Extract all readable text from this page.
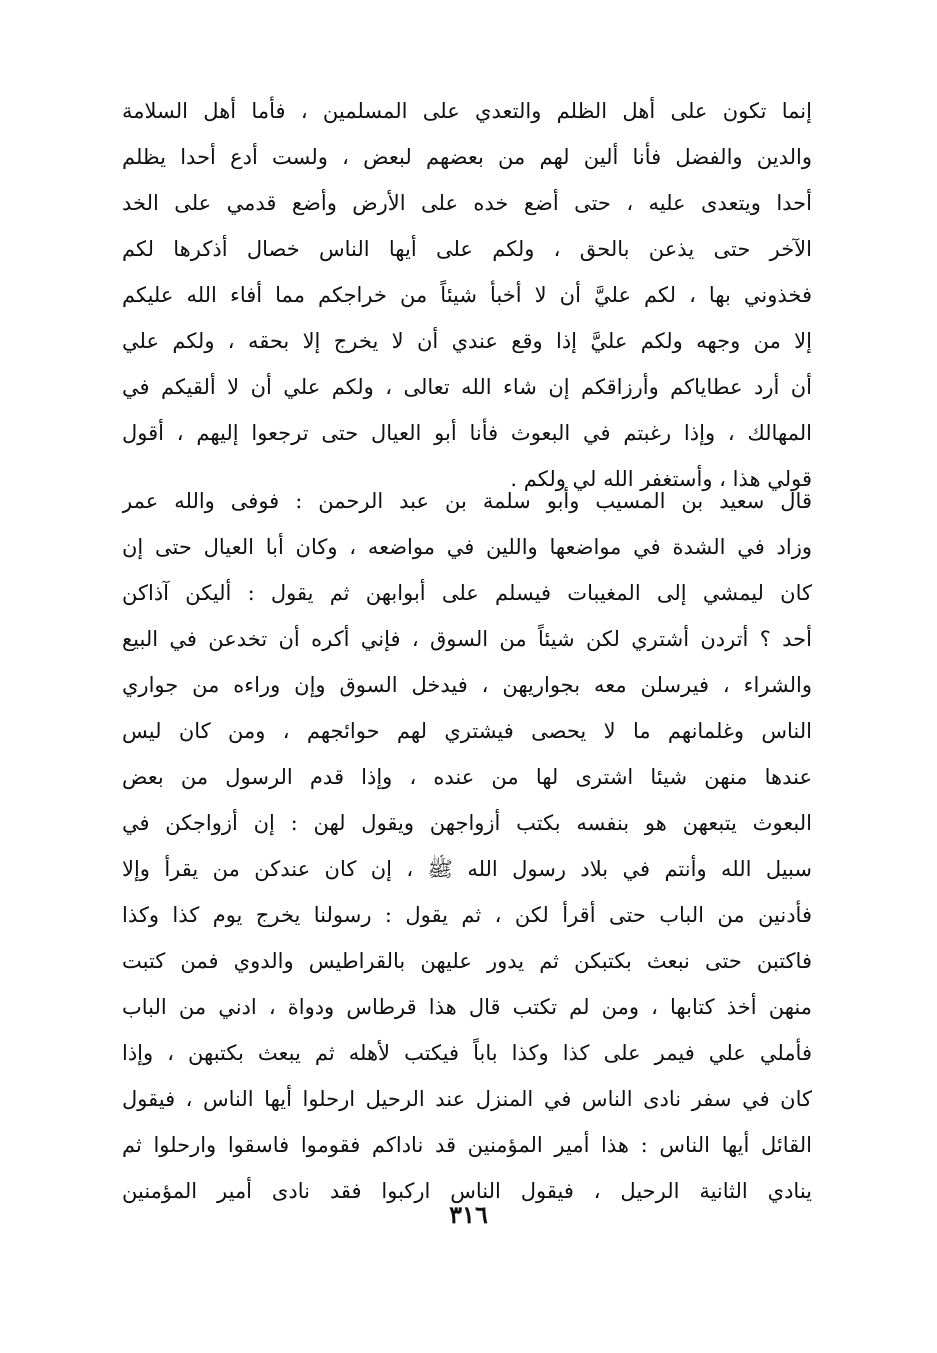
إنما تكون على أهل الظلم والتعدي على المسلمين ، فأما أهل السلامة
والدين والفضل فأنا ألين لهم من بعضهم لبعض ، ولست أدع أحدا يظلم
أحدا ويتعدى عليه ، حتى أضع خده على الأرض وأضع قدمي على الخد
الآخر حتى يذعن بالحق ، ولكم على أيها الناس خصال أذكرها لكم
فخذوني بها ، لكم عليَّ أن لا أخبأ شيئاً من خراجكم مما أفاء الله عليكم
إلا من وجهه ولكم عليَّ إذا وقع عندي أن لا يخرج إلا بحقه ، ولكم علي
أن أرد عطاياكم وأرزاقكم إن شاء الله تعالى ، ولكم علي أن لا ألقيكم في
المهالك ، وإذا رغبتم في البعوث فأنا أبو العيال حتى ترجعوا إليهم ، أقول
قولي هذا ، وأستغفر الله لي ولكم .
قال سعيد بن المسيب وأبو سلمة بن عبد الرحمن : فوفى والله عمر
وزاد في الشدة في مواضعها واللين في مواضعه ، وكان أبا العيال حتى إن
كان ليمشي إلى المغيبات فيسلم على أبوابهن ثم يقول : أليكن آذاكن
أحد ؟ أتردن أشتري لكن شيئاً من السوق ، فإني أكره أن تخدعن في البيع
والشراء ، فيرسلن معه بجواريهن ، فيدخل السوق وإن وراءه من جواري
الناس وغلمانهم ما لا يحصى فيشتري لهم حوائجهم ، ومن كان ليس
عندها منهن شيئا اشترى لها من عنده ، وإذا قدم الرسول من بعض
البعوث يتبعهن هو بنفسه بكتب أزواجهن ويقول لهن : إن أزواجكن في
سبيل الله وأنتم في بلاد رسول الله ﷺ ، إن كان عندكن من يقرأ وإلا
فأدنين من الباب حتى أقرأ لكن ، ثم يقول : رسولنا يخرج يوم كذا وكذا
فاكتبن حتى نبعث بكتبكن ثم يدور عليهن بالقراطيس والدوي فمن كتبت
منهن أخذ كتابها ، ومن لم تكتب قال هذا قرطاس ودواة ، ادني من الباب
فأملي علي فيمر على كذا وكذا باباً فيكتب لأهله ثم يبعث بكتبهن ، وإذا
كان في سفر نادى الناس في المنزل عند الرحيل ارحلوا أيها الناس ، فيقول
القائل أيها الناس : هذا أمير المؤمنين قد ناداكم فقوموا فاسقوا وارحلوا ثم
ينادي الثانية الرحيل ، فيقول الناس اركبوا فقد نادى أمير المؤمنين
٣١٦
